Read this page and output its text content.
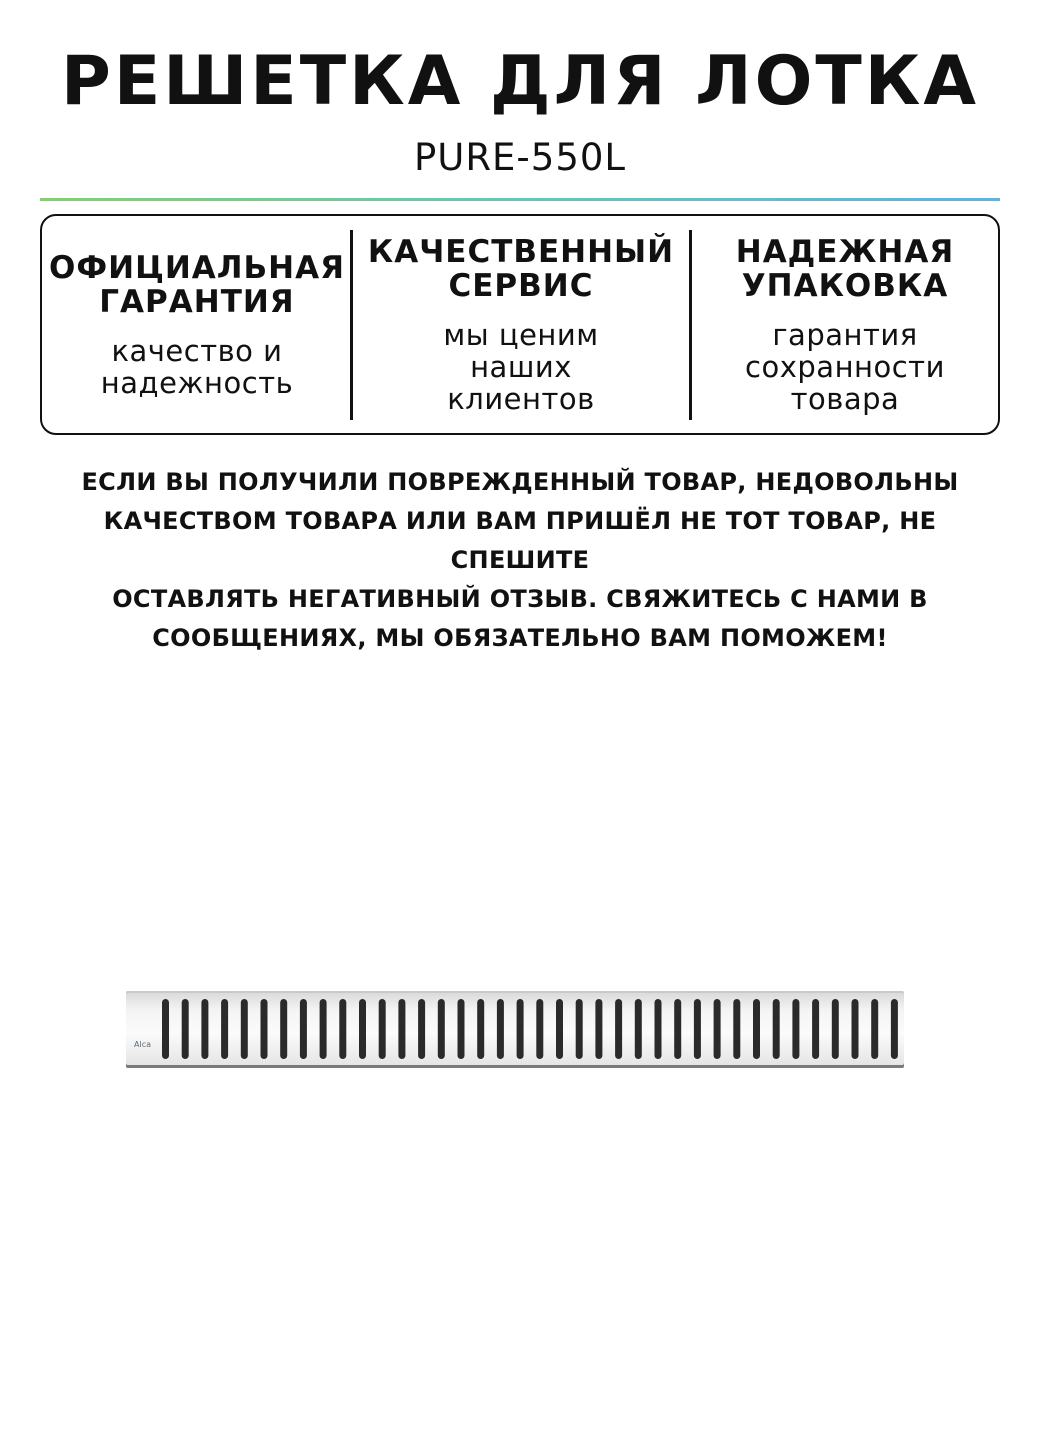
РЕШЕТКА ДЛЯ ЛОТКА
PURE-550L
ОФИЦИАЛЬНАЯ
ГАРАНТИЯ
качество и
надежность
КАЧЕСТВЕННЫЙ
СЕРВИС
мы ценим
наших
клиентов
НАДЕЖНАЯ
УПАКОВКА
гарантия
сохранности
товара
ЕСЛИ ВЫ ПОЛУЧИЛИ ПОВРЕЖДЕННЫЙ ТОВАР, НЕДОВОЛЬНЫ
КАЧЕСТВОМ ТОВАРА ИЛИ ВАМ ПРИШЁЛ НЕ ТОТ ТОВАР, НЕ СПЕШИТЕ
ОСТАВЛЯТЬ НЕГАТИВНЫЙ ОТЗЫВ. СВЯЖИТЕСЬ С НАМИ В
СООБЩЕНИЯХ, МЫ ОБЯЗАТЕЛЬНО ВАМ ПОМОЖЕМ!
Alca
